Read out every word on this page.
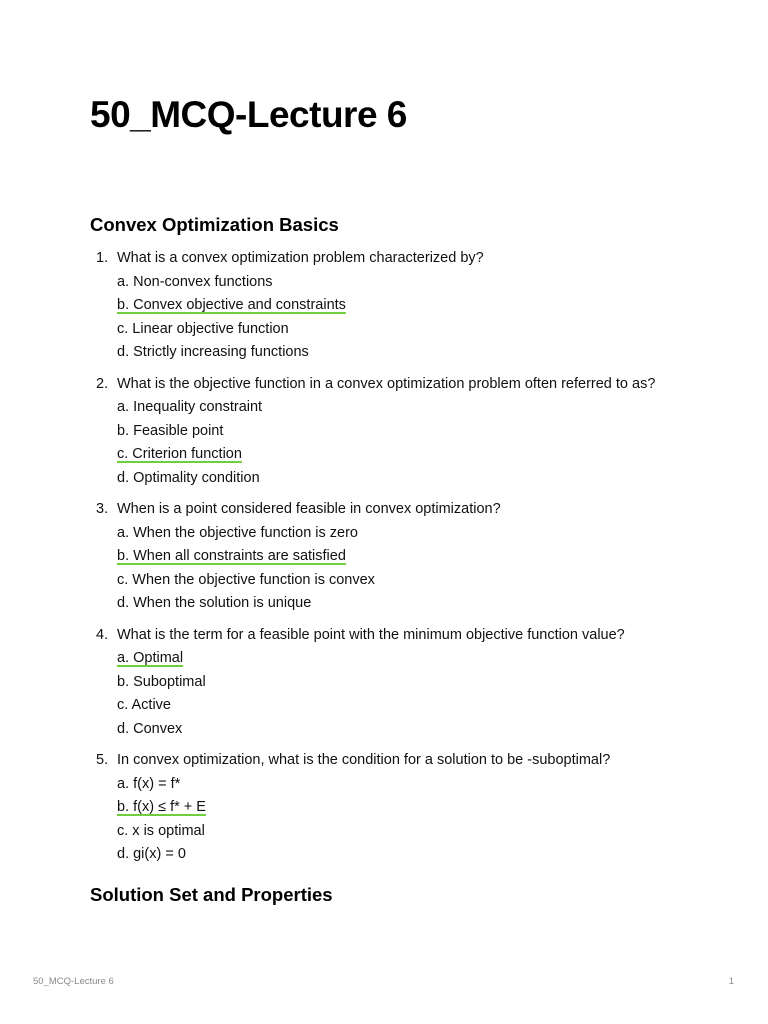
50_MCQ-Lecture 6
Convex Optimization Basics
1. What is a convex optimization problem characterized by?
a. Non-convex functions
b. Convex objective and constraints
c. Linear objective function
d. Strictly increasing functions
2. What is the objective function in a convex optimization problem often referred to as?
a. Inequality constraint
b. Feasible point
c. Criterion function
d. Optimality condition
3. When is a point considered feasible in convex optimization?
a. When the objective function is zero
b. When all constraints are satisfied
c. When the objective function is convex
d. When the solution is unique
4. What is the term for a feasible point with the minimum objective function value?
a. Optimal
b. Suboptimal
c. Active
d. Convex
5. In convex optimization, what is the condition for a solution to be -suboptimal?
a. f(x) = f*
b. f(x) ≤ f* + E
c. x is optimal
d. gi(x) = 0
Solution Set and Properties
50_MCQ-Lecture 6	1
